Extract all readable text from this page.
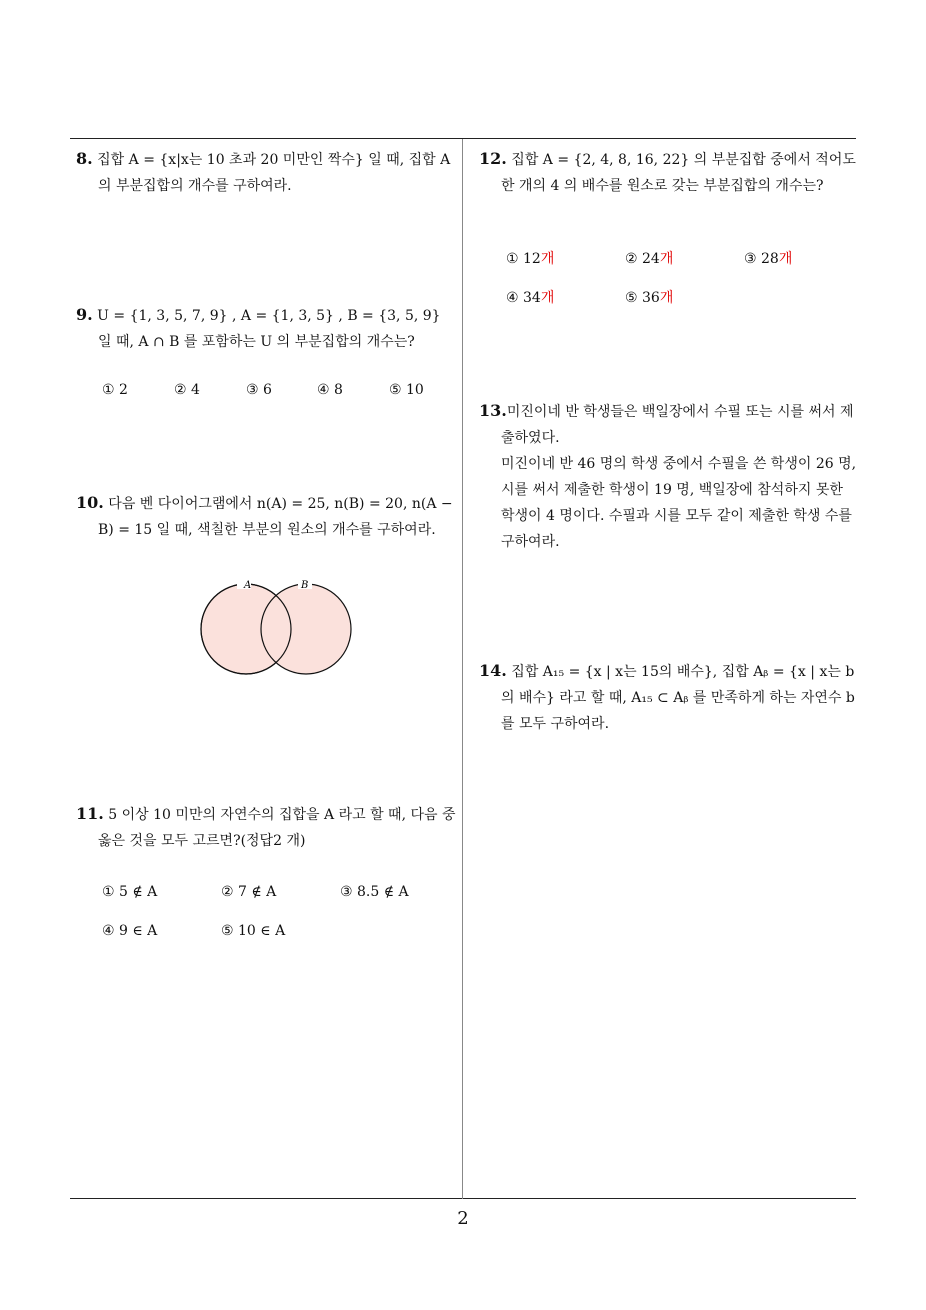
8. 집합 A = {x|x는 10 초과 20 미만인 짝수} 일 때, 집합 A 의 부분집합의 개수를 구하여라.
9. U = {1, 3, 5, 7, 9} , A = {1, 3, 5} , B = {3, 5, 9} 일 때, A ∩ B 를 포함하는 U 의 부분집합의 개수는?
① 2	② 4	③ 6	④ 8	⑤ 10
10. 다음 벤 다이어그램에서 n(A) = 25, n(B) = 20, n(A − B) = 15 일 때, 색칠한 부분의 원소의 개수를 구하여라.
A	B
11. 5 이상 10 미만의 자연수의 집합을 A 라고 할 때, 다음 중 옳은 것을 모두 고르면?(정답2 개)
① 5 ∉ A	② 7 ∉ A	③ 8.5 ∉ A
④ 9 ∈ A	⑤ 10 ∈ A
12. 집합 A = {2, 4, 8, 16, 22} 의 부분집합 중에서 적어도 한 개의 4 의 배수를 원소로 갖는 부분집합의 개수는?
① 12개	② 24개	③ 28개
④ 34개	⑤ 36개
13.미진이네 반 학생들은 백일장에서 수필 또는 시를 써서 제출하였다.
미진이네 반 46 명의 학생 중에서 수필을 쓴 학생이 26 명, 시를 써서 제출한 학생이 19 명, 백일장에 참석하지 못한 학생이 4 명이다. 수필과 시를 모두 같이 제출한 학생 수를 구하여라.
14. 집합 A₁₅ = {x | x는 15의 배수}, 집합 Aᵦ = {x | x는 b의 배수} 라고 할 때, A₁₅ ⊂ Aᵦ 를 만족하게 하는 자연수 b 를 모두 구하여라.
2
